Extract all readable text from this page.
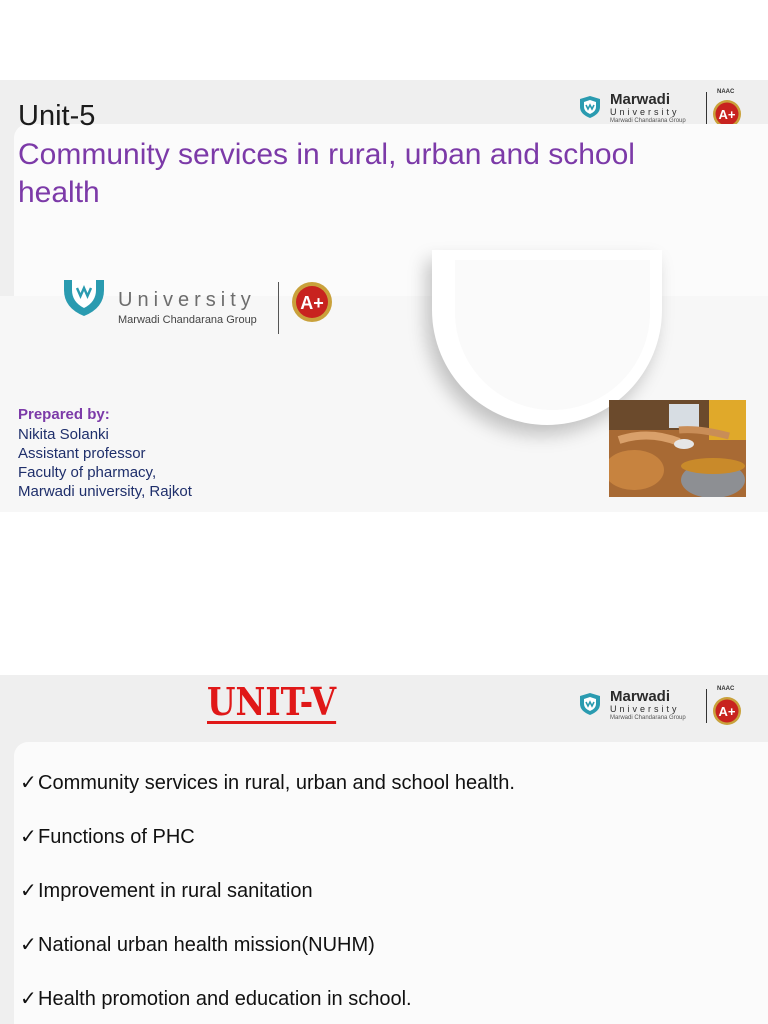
Marwadi
University
Marwadi Chandarana Group
NAAC
A+
Unit-5
Community services in rural, urban and school health
University
Marwadi Chandarana Group
A+
Prepared by:
Nikita Solanki
Assistant professor
Faculty of pharmacy,
Marwadi university, Rajkot
UNIT-V	Marwadi
University
Marwadi Chandarana Group
NAAC
A+
✓Community services in rural, urban and school health.
✓Functions of PHC
✓Improvement in rural sanitation
✓National urban health mission(NUHM)
✓Health promotion and education in school.
